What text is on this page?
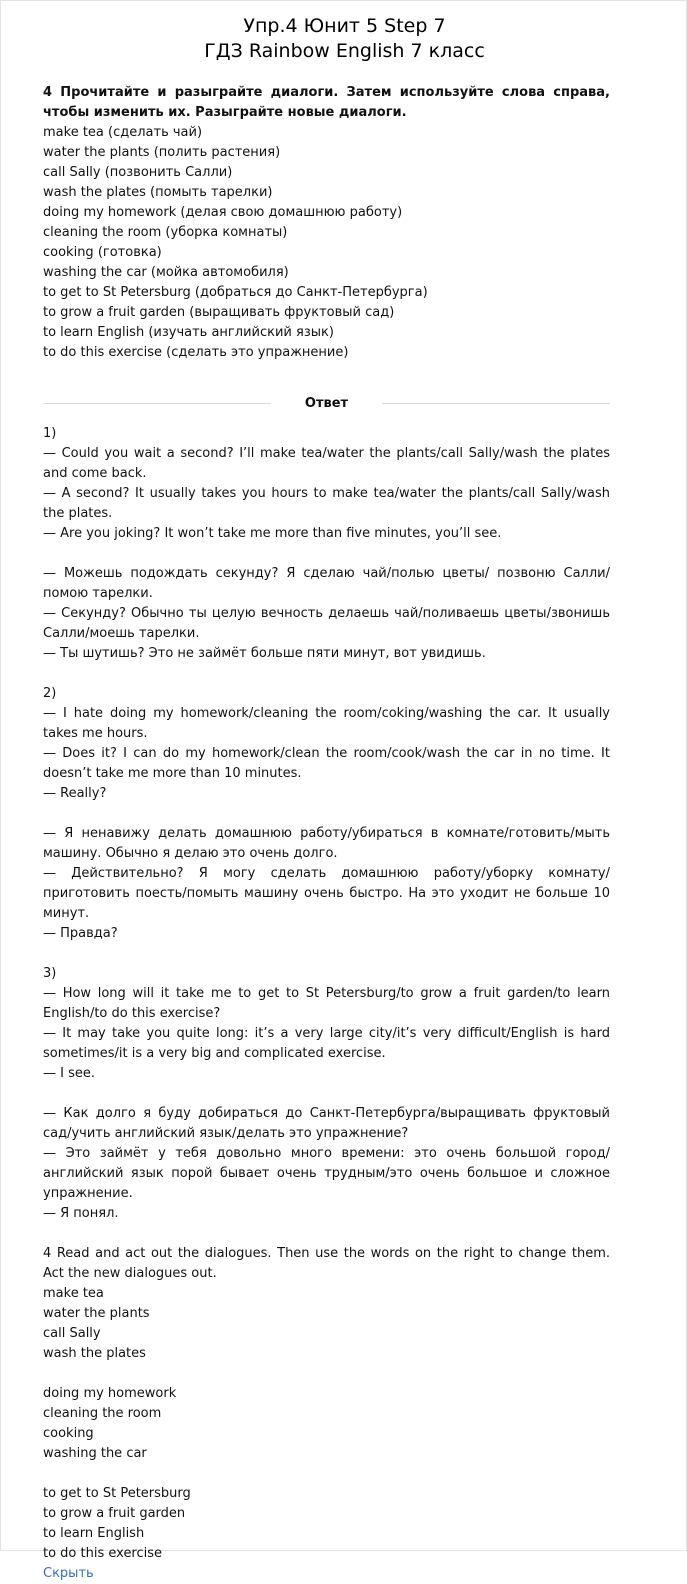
Упр.4 Юнит 5 Step 7
ГДЗ Rainbow English 7 класс
4 Прочитайте и разыграйте диалоги. Затем используйте слова справа, чтобы изменить их. Разыграйте новые диалоги.
make tea (сделать чай)
water the plants (полить растения)
call Sally (позвонить Салли)
wash the plates (помыть тарелки)
doing my homework (делая свою домашнюю работу)
cleaning the room (уборка комнаты)
cooking (готовка)
washing the car (мойка автомобиля)
to get to St Petersburg (добраться до Санкт-Петербурга)
to grow a fruit garden (выращивать фруктовый сад)
to learn English (изучать английский язык)
to do this exercise (сделать это упражнение)
Ответ
1)
— Could you wait a second? I’ll make tea/water the plants/call Sally/wash the plates and come back.
— A second? It usually takes you hours to make tea/water the plants/call Sally/wash the plates.
— Are you joking? It won’t take me more than five minutes, you’ll see.
— Можешь подождать секунду? Я сделаю чай/полью цветы/ позвоню Салли/помою тарелки.
— Секунду? Обычно ты целую вечность делаешь чай/поливаешь цветы/звонишь Салли/моешь тарелки.
— Ты шутишь? Это не займёт больше пяти минут, вот увидишь.
2)
— I hate doing my homework/cleaning the room/coking/washing the car. It usually takes me hours.
— Does it? I can do my homework/clean the room/cook/wash the car in no time. It doesn’t take me more than 10 minutes.
— Really?
— Я ненавижу делать домашнюю работу/убираться в комнате/готовить/мыть машину. Обычно я делаю это очень долго.
— Действительно? Я могу сделать домашнюю работу/уборку комнату/приготовить поесть/помыть машину очень быстро. На это уходит не больше 10 минут.
— Правда?
3)
— How long will it take me to get to St Petersburg/to grow a fruit garden/to learn English/to do this exercise?
— It may take you quite long: it’s a very large city/it’s very difficult/English is hard sometimes/it is a very big and complicated exercise.
— I see.
— Как долго я буду добираться до Санкт-Петербурга/выращивать фруктовый сад/учить английский язык/делать это упражнение?
— Это займёт у тебя довольно много времени: это очень большой город/английский язык порой бывает очень трудным/это очень большое и сложное упражнение.
— Я понял.
4 Read and act out the dialogues. Then use the words on the right to change them. Act the new dialogues out.
make tea
water the plants
call Sally
wash the plates
doing my homework
cleaning the room
cooking
washing the car
to get to St Petersburg
to grow a fruit garden
to learn English
to do this exercise
Скрыть
